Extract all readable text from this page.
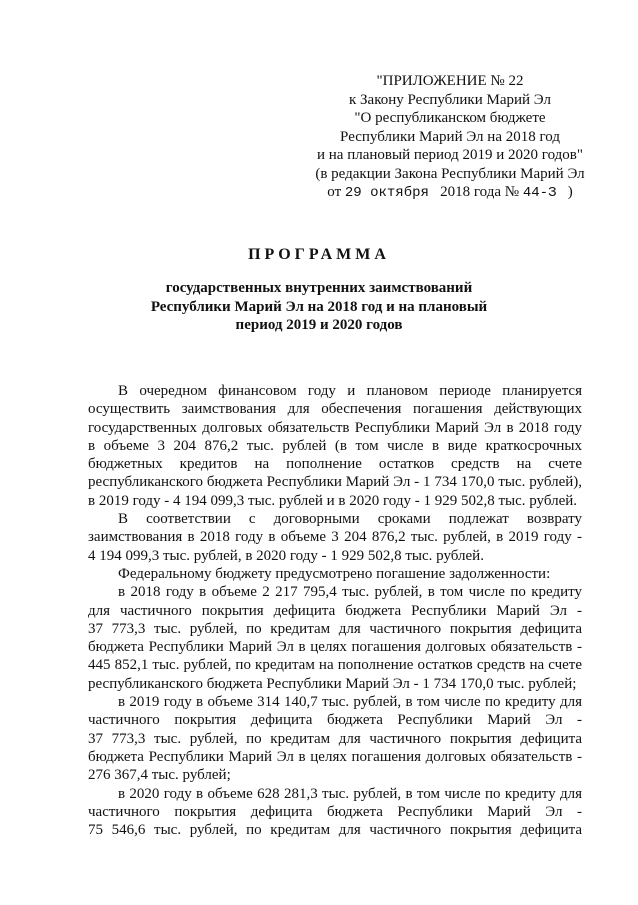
"ПРИЛОЖЕНИЕ № 22
к Закону Республики Марий Эл
"О республиканском бюджете
Республики Марий Эл на 2018 год
и на плановый период 2019 и 2020 годов"
(в редакции Закона Республики Марий Эл
от 29 октября 2018 года № 44-З )
ПРОГРАММА
государственных внутренних заимствований
Республики Марий Эл на 2018 год и на плановый
период 2019 и 2020 годов
В очередном финансовом году и плановом периоде планируется
осуществить заимствования для обеспечения погашения действующих
государственных долговых обязательств Республики Марий Эл в 2018 году
в объеме 3 204 876,2 тыс. рублей (в том числе в виде краткосрочных
бюджетных кредитов на пополнение остатков средств на счете
республиканского бюджета Республики Марий Эл - 1 734 170,0 тыс. рублей),
в 2019 году - 4 194 099,3 тыс. рублей и в 2020 году - 1 929 502,8 тыс. рублей.
В соответствии с договорными сроками подлежат возврату
заимствования в 2018 году в объеме 3 204 876,2 тыс. рублей, в 2019 году -
4 194 099,3 тыс. рублей, в 2020 году - 1 929 502,8 тыс. рублей.
Федеральному бюджету предусмотрено погашение задолженности:
в 2018 году в объеме 2 217 795,4 тыс. рублей, в том числе по кредиту
для частичного покрытия дефицита бюджета Республики Марий Эл -
37 773,3 тыс. рублей, по кредитам для частичного покрытия дефицита
бюджета Республики Марий Эл в целях погашения долговых обязательств -
445 852,1 тыс. рублей, по кредитам на пополнение остатков средств на счете
республиканского бюджета Республики Марий Эл - 1 734 170,0 тыс. рублей;
в 2019 году в объеме 314 140,7 тыс. рублей, в том числе по кредиту для
частичного покрытия дефицита бюджета Республики Марий Эл -
37 773,3 тыс. рублей, по кредитам для частичного покрытия дефицита
бюджета Республики Марий Эл в целях погашения долговых обязательств -
276 367,4 тыс. рублей;
в 2020 году в объеме 628 281,3 тыс. рублей, в том числе по кредиту для
частичного покрытия дефицита бюджета Республики Марий Эл -
75 546,6 тыс. рублей, по кредитам для частичного покрытия дефицита
